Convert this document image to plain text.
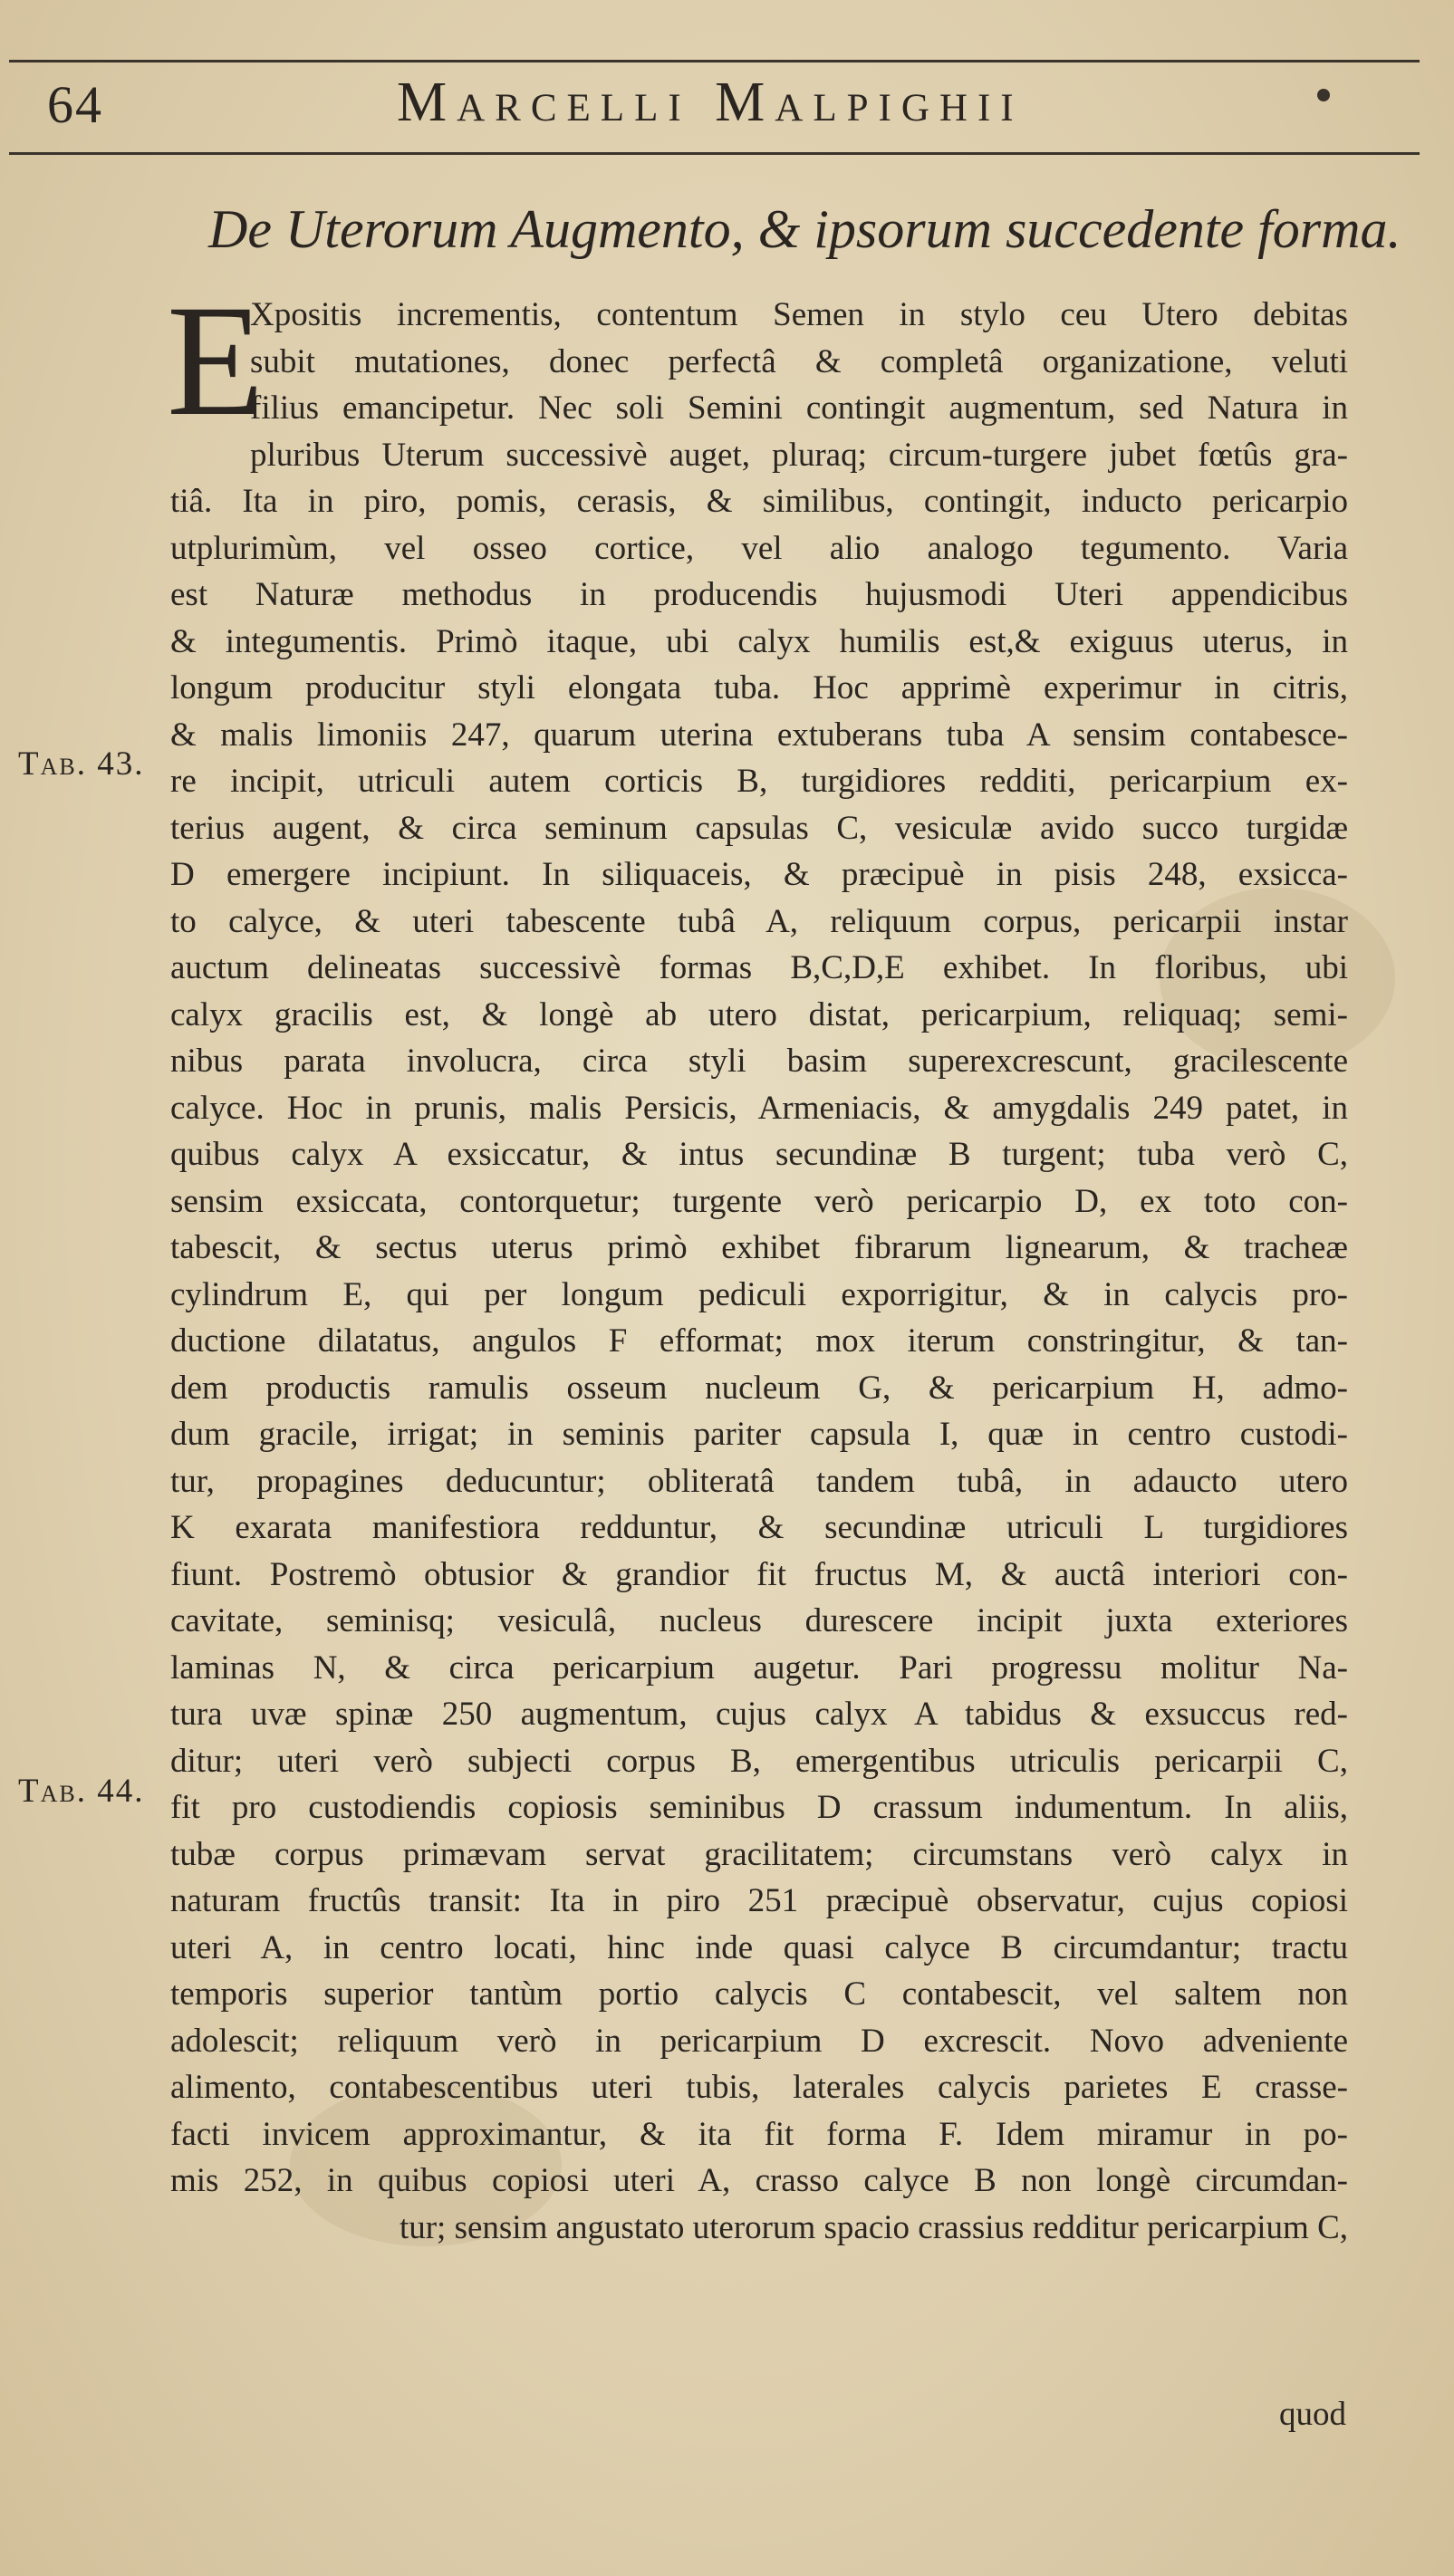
64	Marcelli Malpighii
De Uterorum Augmento, & ipsorum succedente forma.
Tab. 43.
Tab. 44.
E
Xpositis incrementis, contentum Semen in stylo ceu Utero debitas
subit mutationes, donec perfectâ & completâ organizatione, veluti
filius emancipetur. Nec soli Semini contingit augmentum, sed Natura in
pluribus Uterum successivè auget, pluraq; circum-turgere jubet fœtûs gra-
tiâ. Ita in piro, pomis, cerasis, & similibus, contingit, inducto pericarpio
utplurimùm, vel osseo cortice, vel alio analogo tegumento. Varia
est Naturæ methodus in producendis hujusmodi Uteri appendicibus
& integumentis. Primò itaque, ubi calyx humilis est,& exiguus uterus, in
longum producitur styli elongata tuba. Hoc apprimè experimur in citris,
& malis limoniis 247, quarum uterina extuberans tuba A sensim contabesce-
re incipit, utriculi autem corticis B, turgidiores redditi, pericarpium ex-
terius augent, & circa seminum capsulas C, vesiculæ avido succo turgidæ
D emergere incipiunt. In siliquaceis, & præcipuè in pisis 248, exsicca-
to calyce, & uteri tabescente tubâ A, reliquum corpus, pericarpii instar
auctum delineatas successivè formas B,C,D,E exhibet. In floribus, ubi
calyx gracilis est, & longè ab utero distat, pericarpium, reliquaq; semi-
nibus parata involucra, circa styli basim superexcrescunt, gracilescente
calyce. Hoc in prunis, malis Persicis, Armeniacis, & amygdalis 249 patet, in
quibus calyx A exsiccatur, & intus secundinæ B turgent; tuba verò C,
sensim exsiccata, contorquetur; turgente verò pericarpio D, ex toto con-
tabescit, & sectus uterus primò exhibet fibrarum lignearum, & tracheæ
cylindrum E, qui per longum pediculi exporrigitur, & in calycis pro-
ductione dilatatus, angulos F efformat; mox iterum constringitur, & tan-
dem productis ramulis osseum nucleum G, & pericarpium H, admo-
dum gracile, irrigat; in seminis pariter capsula I, quæ in centro custodi-
tur, propagines deducuntur; obliteratâ tandem tubâ, in adaucto utero
K exarata manifestiora redduntur, & secundinæ utriculi L turgidiores
fiunt. Postremò obtusior & grandior fit fructus M, & auctâ interiori con-
cavitate, seminisq; vesiculâ, nucleus durescere incipit juxta exteriores
laminas N, & circa pericarpium augetur. Pari progressu molitur Na-
tura uvæ spinæ 250 augmentum, cujus calyx A tabidus & exsuccus red-
ditur; uteri verò subjecti corpus B, emergentibus utriculis pericarpii C,
fit pro custodiendis copiosis seminibus D crassum indumentum. In aliis,
tubæ corpus primævam servat gracilitatem; circumstans verò calyx in
naturam fructûs transit: Ita in piro 251 præcipuè observatur, cujus copiosi
uteri A, in centro locati, hinc inde quasi calyce B circumdantur; tractu
temporis superior tantùm portio calycis C contabescit, vel saltem non
adolescit; reliquum verò in pericarpium D excrescit. Novo adveniente
alimento, contabescentibus uteri tubis, laterales calycis parietes E crasse-
facti invicem approximantur, & ita fit forma F. Idem miramur in po-
mis 252, in quibus copiosi uteri A, crasso calyce B non longè circumdan-
tur; sensim angustato uterorum spacio crassius redditur pericarpium C,
quod
